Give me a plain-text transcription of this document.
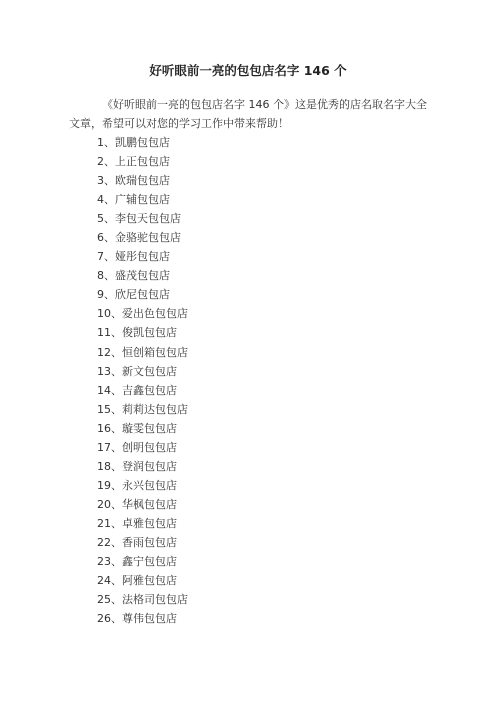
好听眼前一亮的包包店名字 146 个

《好听眼前一亮的包包店名字 146 个》这是优秀的店名取名字大全文章，希望可以对您的学习工作中带来帮助！

1、凯鹏包包店
2、上正包包店
3、欧瑞包包店
4、广辅包包店
5、李包天包包店
6、金骆驼包包店
7、娅彤包包店
8、盛茂包包店
9、欣尼包包店
10、爱出色包包店
11、俊凯包包店
12、恒创箱包包店
13、新文包包店
14、吉鑫包包店
15、莉莉达包包店
16、璇雯包包店
17、创明包包店
18、登润包包店
19、永兴包包店
20、华枫包包店
21、卓雅包包店
22、香雨包包店
23、鑫宁包包店
24、阿雅包包店
25、法格司包包店
26、尊伟包包店
